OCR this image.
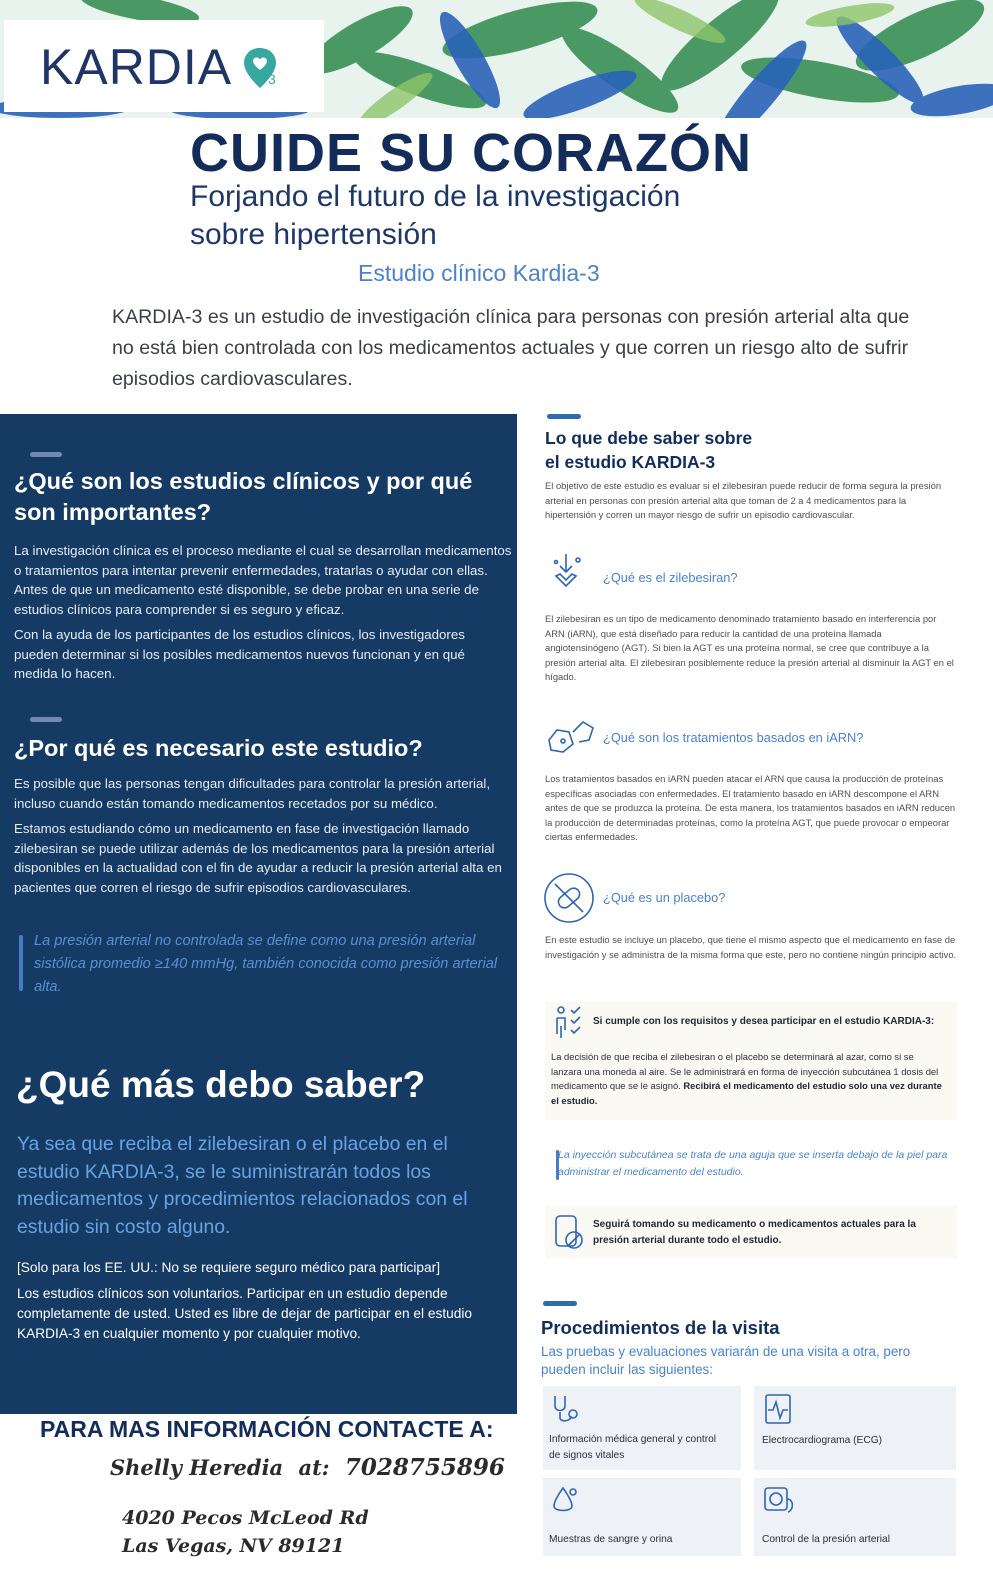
KARDIA	3
CUIDE SU CORAZÓN
Forjando el futuro de la investigación
sobre hipertensión
Estudio clínico Kardia-3
KARDIA-3 es un estudio de investigación clínica para personas con presión arterial alta que no está bien controlada con los medicamentos actuales y que corren un riesgo alto de sufrir episodios cardiovasculares.
¿Qué son los estudios clínicos y por qué son importantes?
La investigación clínica es el proceso mediante el cual se desarrollan medicamentos o tratamientos para intentar prevenir enfermedades, tratarlas o ayudar con ellas. Antes de que un medicamento esté disponible, se debe probar en una serie de estudios clínicos para comprender si es seguro y eficaz.
Con la ayuda de los participantes de los estudios clínicos, los investigadores pueden determinar si los posibles medicamentos nuevos funcionan y en qué medida lo hacen.
¿Por qué es necesario este estudio?
Es posible que las personas tengan dificultades para controlar la presión arterial, incluso cuando están tomando medicamentos recetados por su médico.
Estamos estudiando cómo un medicamento en fase de investigación llamado zilebesiran se puede utilizar además de los medicamentos para la presión arterial disponibles en la actualidad con el fin de ayudar a reducir la presión arterial alta en pacientes que corren el riesgo de sufrir episodios cardiovasculares.
La presión arterial no controlada se define como una presión arterial sistólica promedio ≥140 mmHg, también conocida como presión arterial alta.
¿Qué más debo saber?
Ya sea que reciba el zilebesiran o el placebo en el estudio KARDIA-3, se le suministrarán todos los medicamentos y procedimientos relacionados con el estudio sin costo alguno.
[Solo para los EE. UU.: No se requiere seguro médico para participar]
Los estudios clínicos son voluntarios. Participar en un estudio depende completamente de usted. Usted es libre de dejar de participar en el estudio KARDIA-3 en cualquier momento y por cualquier motivo.
Lo que debe saber sobre
el estudio KARDIA-3
El objetivo de este estudio es evaluar si el zilebesiran puede reducir de forma segura la presión arterial en personas con presión arterial alta que toman de 2 a 4 medicamentos para la hipertensión y corren un mayor riesgo de sufrir un episodio cardiovascular.
¿Qué es el zilebesiran?
El zilebesiran es un tipo de medicamento denominado tratamiento basado en interferencia por ARN (iARN), que está diseñado para reducir la cantidad de una proteína llamada angiotensinógeno (AGT). Si bien la AGT es una proteína normal, se cree que contribuye a la presión arterial alta. El zilebesiran posiblemente reduce la presión arterial al disminuir la AGT en el hígado.
¿Qué son los tratamientos basados en iARN?
Los tratamientos basados en iARN pueden atacar el ARN que causa la producción de proteínas específicas asociadas con enfermedades. El tratamiento basado en iARN descompone el ARN antes de que se produzca la proteína. De esta manera, los tratamientos basados en iARN reducen la producción de determinadas proteínas, como la proteína AGT, que puede provocar o empeorar ciertas enfermedades.
¿Qué es un placebo?
En este estudio se incluye un placebo, que tiene el mismo aspecto que el medicamento en fase de investigación y se administra de la misma forma que este, pero no contiene ningún principio activo.
Si cumple con los requisitos y desea participar en el estudio KARDIA-3:
La decisión de que reciba el zilebesiran o el placebo se determinará al azar, como si se lanzara una moneda al aire. Se le administrará en forma de inyección subcutánea 1 dosis del medicamento que se le asignó. Recibirá el medicamento del estudio solo una vez durante el estudio.
La inyección subcutánea se trata de una aguja que se inserta debajo de la piel para administrar el medicamento del estudio.
Seguirá tomando su medicamento o medicamentos actuales para la presión arterial durante todo el estudio.
Procedimientos de la visita
Las pruebas y evaluaciones variarán de una visita a otra, pero pueden incluir las siguientes:
Información médica general y control de signos vitales
Electrocardiograma (ECG)
Muestras de sangre y orina	Control de la presión arterial
PARA MAS INFORMACIÓN CONTACTE A:
Shelly Heredia at: 7028755896
4020 Pecos McLeod Rd
Las Vegas, NV 89121
